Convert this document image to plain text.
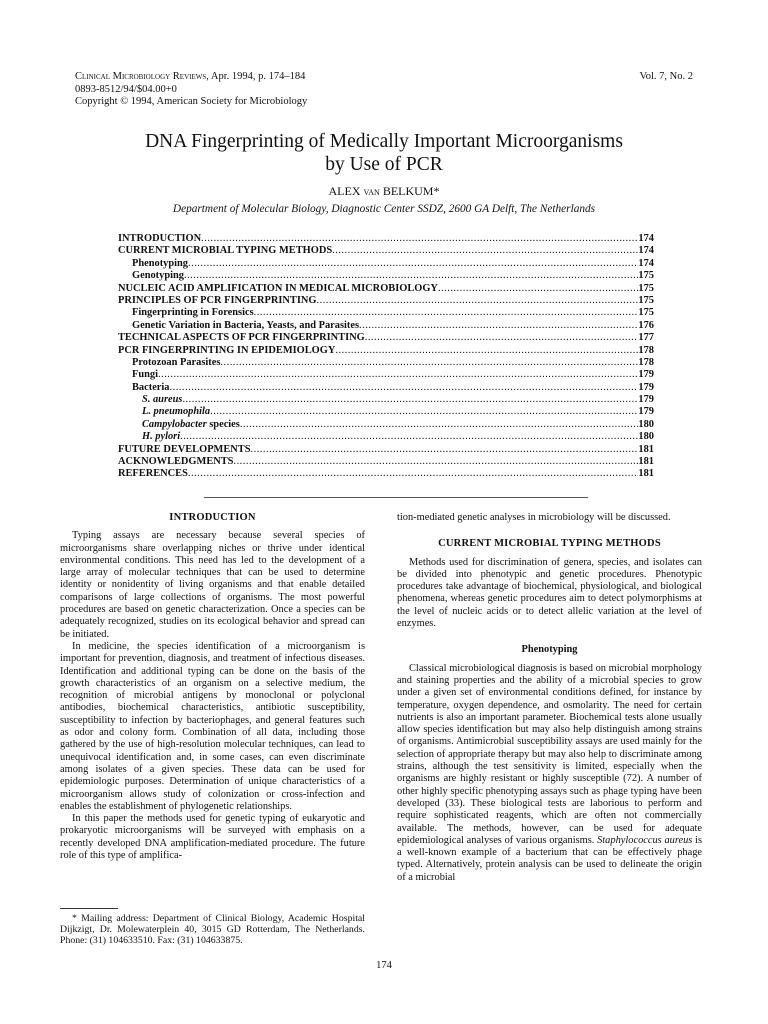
Clinical Microbiology Reviews, Apr. 1994, p. 174–184
0893-8512/94/$04.00+0
Copyright © 1994, American Society for Microbiology
Vol. 7, No. 2
DNA Fingerprinting of Medically Important Microorganisms
by Use of PCR
ALEX van BELKUM*
Department of Molecular Biology, Diagnostic Center SSDZ, 2600 GA Delft, The Netherlands
INTRODUCTION .....	174
CURRENT MICROBIAL TYPING METHODS .....	174
Phenotyping .....	174
Genotyping .....	175
NUCLEIC ACID AMPLIFICATION IN MEDICAL MICROBIOLOGY .....	175
PRINCIPLES OF PCR FINGERPRINTING .....	175
Fingerprinting in Forensics .....	175
Genetic Variation in Bacteria, Yeasts, and Parasites .....	176
TECHNICAL ASPECTS OF PCR FINGERPRINTING .....	177
PCR FINGERPRINTING IN EPIDEMIOLOGY .....	178
Protozoan Parasites .....	178
Fungi .....	179
Bacteria .....	179
S. aureus .....	179
L. pneumophila .....	179
Campylobacter species .....	180
H. pylori .....	180
FUTURE DEVELOPMENTS .....	181
ACKNOWLEDGMENTS .....	181
REFERENCES .....	181
INTRODUCTION

Typing assays are necessary because several species of microorganisms share overlapping niches or thrive under identical environmental conditions. This need has led to the development of a large array of molecular techniques that can be used to determine identity or nonidentity of living organisms and that enable detailed comparisons of large collections of organisms. The most powerful procedures are based on genetic characterization. Once a species can be adequately recognized, studies on its ecological behavior and spread can be initiated.

In medicine, the species identification of a microorganism is important for prevention, diagnosis, and treatment of infectious diseases. Identification and additional typing can be done on the basis of the growth characteristics of an organism on a selective medium, the recognition of microbial antigens by monoclonal or polyclonal antibodies, biochemical characteristics, antibiotic susceptibility, susceptibility to infection by bacteriophages, and general features such as odor and colony form. Combination of all data, including those gathered by the use of high-resolution molecular techniques, can lead to unequivocal identification and, in some cases, can even discriminate among isolates of a given species. These data can be used for epidemiologic purposes. Determination of unique characteristics of a microorganism allows study of colonization or cross-infection and enables the establishment of phylogenetic relationships.

In this paper the methods used for genetic typing of eukaryotic and prokaryotic microorganisms will be surveyed with emphasis on a recently developed DNA amplification-mediated procedure. The future role of this type of amplifica-

tion-mediated genetic analyses in microbiology will be discussed.

CURRENT MICROBIAL TYPING METHODS

Methods used for discrimination of genera, species, and isolates can be divided into phenotypic and genetic procedures. Phenotypic procedures take advantage of biochemical, physiological, and biological phenomena, whereas genetic procedures aim to detect polymorphisms at the level of nucleic acids or to detect allelic variation at the level of enzymes.

Phenotyping

Classical microbiological diagnosis is based on microbial morphology and staining properties and the ability of a microbial species to grow under a given set of environmental conditions defined, for instance by temperature, oxygen dependence, and osmolarity. The need for certain nutrients is also an important parameter. Biochemical tests alone usually allow species identification but may also help distinguish among strains of organisms. Antimicrobial susceptibility assays are used mainly for the selection of appropriate therapy but may also help to discriminate among strains, although the test sensitivity is limited, especially when the organisms are highly resistant or highly susceptible (72). A number of other highly specific phenotyping assays such as phage typing have been developed (33). These biological tests are laborious to perform and require sophisticated reagents, which are often not commercially available. The methods, however, can be used for adequate epidemiological analyses of various organisms. Staphylococcus aureus is a well-known example of a bacterium that can be effectively phage typed. Alternatively, protein analysis can be used to delineate the origin of a microbial

* Mailing address: Department of Clinical Biology, Academic Hospital Dijkzigt, Dr. Molewaterplein 40, 3015 GD Rotterdam, The Netherlands. Phone: (31) 104633510. Fax: (31) 104633875.
174
